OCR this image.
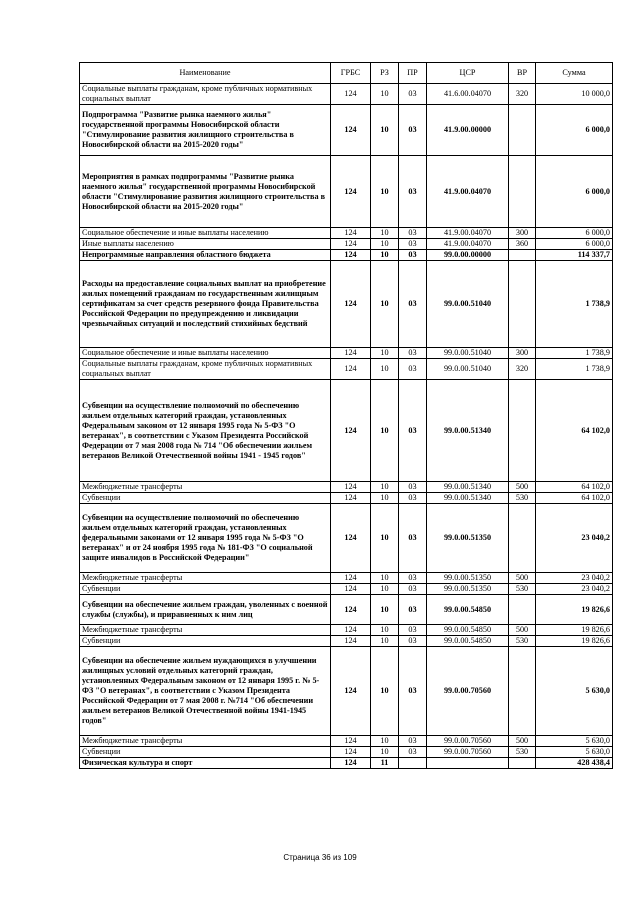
Наименование	ГРБС	РЗ	ПР	ЦСР	ВР	Сумма
Социальные выплаты гражданам, кроме публичных нормативных социальных выплат	124	10	03	41.6.00.04070	320	10 000,0
Подпрограмма "Развитие рынка наемного жилья" государственной программы Новосибирской области "Стимулирование развития жилищного строительства в Новосибирской области на 2015-2020 годы"	124	10	03	41.9.00.00000		6 000,0
Мероприятия в рамках подпрограммы "Развитие рынка наемного жилья" государственной программы Новосибирской области "Стимулирование развития жилищного строительства в Новосибирской области на 2015-2020 годы"	124	10	03	41.9.00.04070		6 000,0
Социальное обеспечение и иные выплаты населению	124	10	03	41.9.00.04070	300	6 000,0
Иные выплаты населению	124	10	03	41.9.00.04070	360	6 000,0
Непрограммные направления областного бюджета	124	10	03	99.0.00.00000		114 337,7
Расходы на предоставление социальных выплат на приобретение жилых помещений гражданам по государственным жилищным сертификатам за счет средств резервного фонда Правительства Российской Федерации по предупреждению и ликвидации чрезвычайных ситуаций и последствий стихийных бедствий	124	10	03	99.0.00.51040		1 738,9
Социальное обеспечение и иные выплаты населению	124	10	03	99.0.00.51040	300	1 738,9
Социальные выплаты гражданам, кроме публичных нормативных социальных выплат	124	10	03	99.0.00.51040	320	1 738,9
Субвенции на осуществление полномочий по обеспечению жильем отдельных категорий граждан, установленных Федеральным законом от 12 января 1995 года № 5-ФЗ "О ветеранах", в соответствии с Указом Президента Российской Федерации от 7 мая 2008 года № 714 "Об обеспечении жильем ветеранов Великой Отечественной войны 1941 - 1945 годов"	124	10	03	99.0.00.51340		64 102,0
Межбюджетные трансферты	124	10	03	99.0.00.51340	500	64 102,0
Субвенции	124	10	03	99.0.00.51340	530	64 102,0
Субвенции на осуществление полномочий по обеспечению жильем отдельных категорий граждан, установленных федеральными законами от 12 января 1995 года № 5-ФЗ "О ветеранах" и от 24 ноября 1995 года № 181-ФЗ "О социальной защите инвалидов в Российской Федерации"	124	10	03	99.0.00.51350		23 040,2
Межбюджетные трансферты	124	10	03	99.0.00.51350	500	23 040,2
Субвенции	124	10	03	99.0.00.51350	530	23 040,2
Субвенции на обеспечение жильем граждан, уволенных с военной службы (службы), и приравненных к ним лиц	124	10	03	99.0.00.54850		19 826,6
Межбюджетные трансферты	124	10	03	99.0.00.54850	500	19 826,6
Субвенции	124	10	03	99.0.00.54850	530	19 826,6
Субвенции на обеспечение жильем нуждающихся в улучшении жилищных условий отдельных категорий граждан, установленных Федеральным законом от 12 января 1995 г. № 5-ФЗ "О ветеранах", в соответствии с Указом Президента Российской Федерации от 7 мая 2008 г. №714 "Об обеспечении жильем ветеранов Великой Отечественной войны 1941-1945 годов"	124	10	03	99.0.00.70560		5 630,0
Межбюджетные трансферты	124	10	03	99.0.00.70560	500	5 630,0
Субвенции	124	10	03	99.0.00.70560	530	5 630,0
Физическая культура и спорт	124	11				428 438,4
Страница 36 из 109
